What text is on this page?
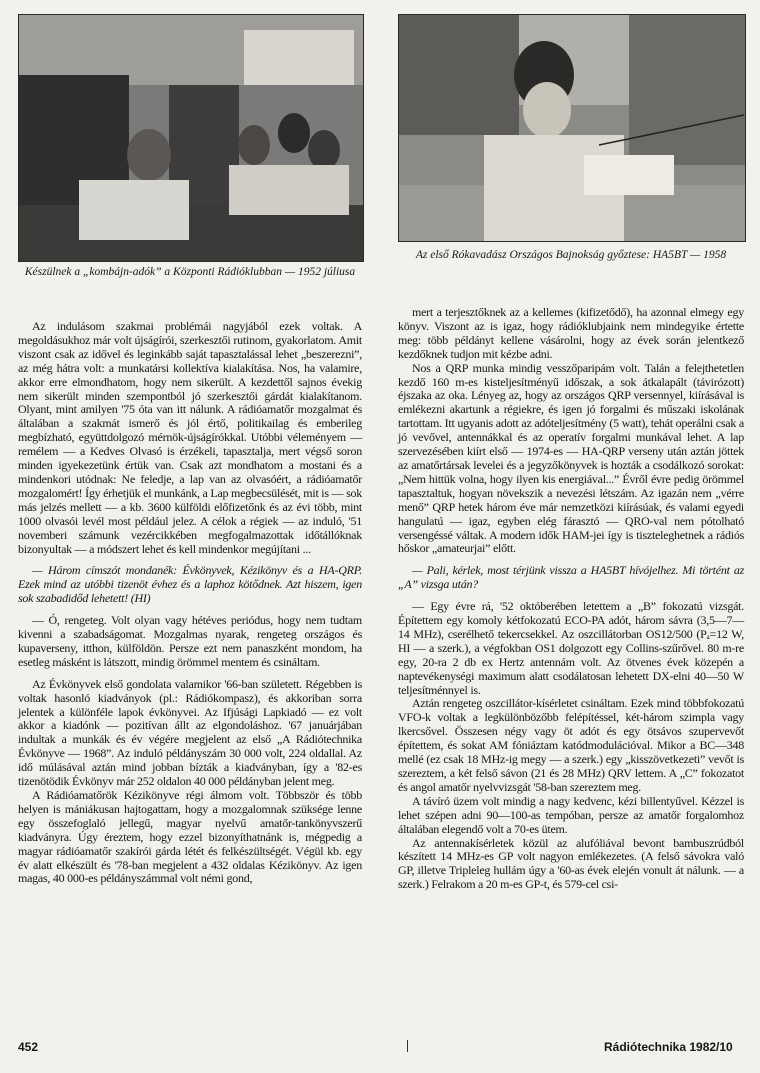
Készülnek a „kombájn-adók” a Központi Rádióklubban — 1952 júliusa
Az első Rókavadász Országos Bajnokság győztese: HA5BT — 1958

Az indulásom szakmai problémái nagyjából ezek voltak. A megoldásukhoz már volt újságírói, szerkesztői rutinom, gyakorlatom. Amit viszont csak az idővel és leginkább saját tapasztalással lehet „beszerezni”, az még hátra volt: a munkatársi kollektíva kialakítása. Nos, ha valamire, akkor erre elmondhatom, hogy nem sikerült. A kezdettől sajnos évekig nem sikerült minden szempontból jó szerkesztői gárdát kialakítanom. Olyant, mint amilyen '75 óta van itt nálunk. A rádióamatőr mozgalmat és általában a szakmát ismerő és jól értő, politikailag és emberileg megbízható, együttdolgozó mérnök-újságírókkal. Utóbbi véleményem — remélem — a Kedves Olvasó is érzékeli, tapasztalja, mert végső soron minden igyekezetünk értük van. Csak azt mondhatom a mostani és a mindenkori utódnak: Ne feledje, a lap van az olvasóért, a rádióamatőr mozgalomért! Így érhetjük el munkánk, a Lap megbecsülését, mit is — sok más jelzés mellett — a kb. 3600 külföldi előfizetőnk és az évi több, mint 1000 olvasói levél most például jelez. A célok a régiek — az induló, '51 novemberi számunk vezércikkében megfogalmazottak időtállóknak bizonyultak — a módszert lehet és kell mindenkor megújítani ...

— Három címszót mondanék: Évkönyvek, Kézikönyv és a HA-QRP. Ezek mind az utóbbi tizenöt évhez és a laphoz kötődnek. Azt hiszem, igen sok szabadidőd lehetett! (HI)

— Ó, rengeteg. Volt olyan vagy hétéves periódus, hogy nem tudtam kivenni a szabadságomat. Mozgalmas nyarak, rengeteg országos és kupaverseny, itthon, külföldön. Persze ezt nem panaszként mondom, ha esetleg másként is látszott, mindig örömmel mentem és csináltam.

Az Évkönyvek első gondolata valamikor '66-ban született. Régebben is voltak hasonló kiadványok (pl.: Rádiókompasz), és akkoriban sorra jelentek a különféle lapok évkönyvei. Az Ifjúsági Lapkiadó — ez volt akkor a kiadónk — pozitívan állt az elgondoláshoz. '67 januárjában indultak a munkák és év végére megjelent az első „A Rádiótechnika Évkönyve — 1968”. Az induló példányszám 30 000 volt, 224 oldallal. Az idő múlásával aztán mind jobban bízták a kiadványban, így a '82-es tizenötödik Évkönyv már 252 oldalon 40 000 példányban jelent meg.

A Rádióamatőrök Kézikönyve régi álmom volt. Többször és több helyen is mániákusan hajtogattam, hogy a mozgalomnak szüksége lenne egy összefoglaló jellegű, magyar nyelvű amatőr-tankönyvszerű kiadványra. Úgy éreztem, hogy ezzel bizonyíthatnánk is, mégpedig a magyar rádióamatőr szakírói gárda létét és felkészültségét. Végül kb. egy év alatt elkészült és '78-ban megjelent a 432 oldalas Kézikönyv. Az igen magas, 40 000-es példányszámmal volt némi gond,

mert a terjesztőknek az a kellemes (kifizetődő), ha azonnal elmegy egy könyv. Viszont az is igaz, hogy rádióklubjaink nem mindegyike értette meg: több példányt kellene vásárolni, hogy az évek során jelentkező kezdőknek tudjon mit kézbe adni.

Nos a QRP munka mindig vesszőparipám volt. Talán a felejthetetlen kezdő 160 m-es kisteljesítményű időszak, a sok átkalapált (távirózott) éjszaka az oka. Lényeg az, hogy az országos QRP versennyel, kiírásával is emlékezni akartunk a régiekre, és igen jó forgalmi és műszaki iskolának tartottam. Itt ugyanis adott az adóteljesítmény (5 watt), tehát operálni csak a jó vevővel, antennákkal és az operatív forgalmi munkával lehet. A lap szervezésében kiírt első — 1974-es — HA-QRP verseny után aztán jöttek az amatőrtársak levelei és a jegyzőkönyvek is hozták a csodálkozó sorokat: „Nem hittük volna, hogy ilyen kis energiával...” Évről évre pedig örömmel tapasztaltuk, hogyan növekszik a nevezési létszám. Az igazán nem „vérre menő” QRP hetek három éve már nemzetközi kiírásúak, és valami egyedi hangulatú — igaz, egyben elég fárasztó — QRO-val nem pótolható versengéssé váltak. A modern idők HAM-jei így is tiszteleghetnek a rádiós hőskor „amateurjai” előtt.

— Pali, kérlek, most térjünk vissza a HA5BT hívójelhez. Mi történt az „A” vizsga után?

— Egy évre rá, '52 októberében letettem a „B” fokozatú vizsgát. Építettem egy komoly kétfokozatú ECO-PA adót, három sávra (3,5—7—14 MHz), cserélhető tekercsekkel. Az oszcillátorban OS12/500 (Pₐ=12 W, HI — a szerk.), a végfokban OS1 dolgozott egy Collins-szűrővel. 80 m-re egy, 20-ra 2 db ex Hertz antennám volt. Az ötvenes évek közepén a naptevékenységi maximum alatt csodálatosan lehetett DX-elni 40—50 W teljesítménnyel is.

Aztán rengeteg oszcillátor-kísérletet csináltam. Ezek mind többfokozatú VFO-k voltak a legkülönbözőbb felépítéssel, két-három szimpla vagy lkercsővel. Összesen négy vagy öt adót és egy ötsávos szupervevőt építettem, és sokat AM fóniáztam katódmodulációval. Mikor a BC—348 mellé (ez csak 18 MHz-ig megy — a szerk.) egy „kisszövetkezeti” vevőt is szereztem, a két felső sávon (21 és 28 MHz) QRV lettem. A „C” fokozatot és angol amatőr nyelvvizsgát '58-ban szereztem meg.

A távíró üzem volt mindig a nagy kedvenc, kézi billentyűvel. Kézzel is lehet szépen adni 90—100-as tempóban, persze az amatőr forgalomhoz általában elegendő volt a 70-es ütem.

Az antennakísérletek közül az alufóliával bevont bambuszrúdból készített 14 MHz-es GP volt nagyon emlékezetes. (A felső sávokra való GP, illetve Tripleleg hullám úgy a '60-as évek elején vonult át nálunk. — a szerk.) Felrakom a 20 m-es GP-t, és 579-cel csi-

452	Rádiótechnika 1982/10
